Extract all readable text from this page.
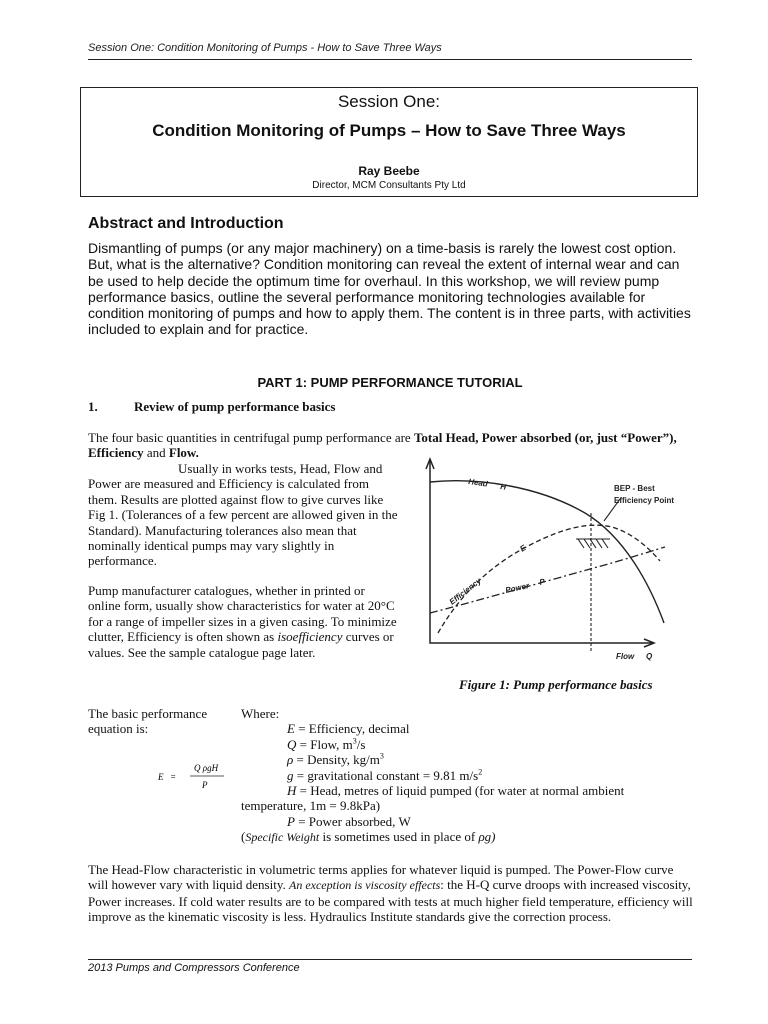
Session One: Condition Monitoring of Pumps - How to Save Three Ways
Session One:
Condition Monitoring of Pumps – How to Save Three Ways
Ray Beebe
Director, MCM Consultants Pty Ltd
Abstract and Introduction
Dismantling of pumps (or any major machinery) on a time-basis is rarely the lowest cost option. But, what is the alternative? Condition monitoring can reveal the extent of internal wear and can be used to help decide the optimum time for overhaul. In this workshop, we will review pump performance basics, outline the several performance monitoring technologies available for condition monitoring of pumps and how to apply them. The content is in three parts, with activities included to explain and for practice.
PART 1: PUMP PERFORMANCE TUTORIAL
1.	Review of pump performance basics
The four basic quantities in centrifugal pump performance are Total Head, Power absorbed (or, just “Power”), Efficiency and Flow.
Usually in works tests, Head, Flow and Power are measured and Efficiency is calculated from them. Results are plotted against flow to give curves like Fig 1. (Tolerances of a few percent are allowed given in the Standard). Manufacturing tolerances also mean that nominally identical pumps may vary slightly in performance.
Pump manufacturer catalogues, whether in printed or online form, usually show characteristics for water at 20°C for a range of impeller sizes in a given casing. To minimize clutter, Efficiency is often shown as isoefficiency curves or values. See the sample catalogue page later.
Head H
Efficiency
E
Power P
BEP - Best
Efficiency Point
Flow Q
Figure 1: Pump performance basics
The basic performance equation is:
E =
Q ρgH
P
Where:
E = Efficiency, decimal
Q = Flow, $m^3/s$
ρ = Density, $kg/m^3$
g = gravitational constant = 9.81 $m/s^2$
H = Head, metres of liquid pumped (for water at normal ambient
temperature, 1m = 9.8kPa)
P = Power absorbed, W
(Specific Weight is sometimes used in place of ρg)
The Head-Flow characteristic in volumetric terms applies for whatever liquid is pumped. The Power-Flow curve will however vary with liquid density. An exception is viscosity effects: the H-Q curve droops with increased viscosity, Power increases. If cold water results are to be compared with tests at much higher field temperature, efficiency will improve as the kinematic viscosity is less. Hydraulics Institute standards give the correction process.
2013 Pumps and Compressors Conference
